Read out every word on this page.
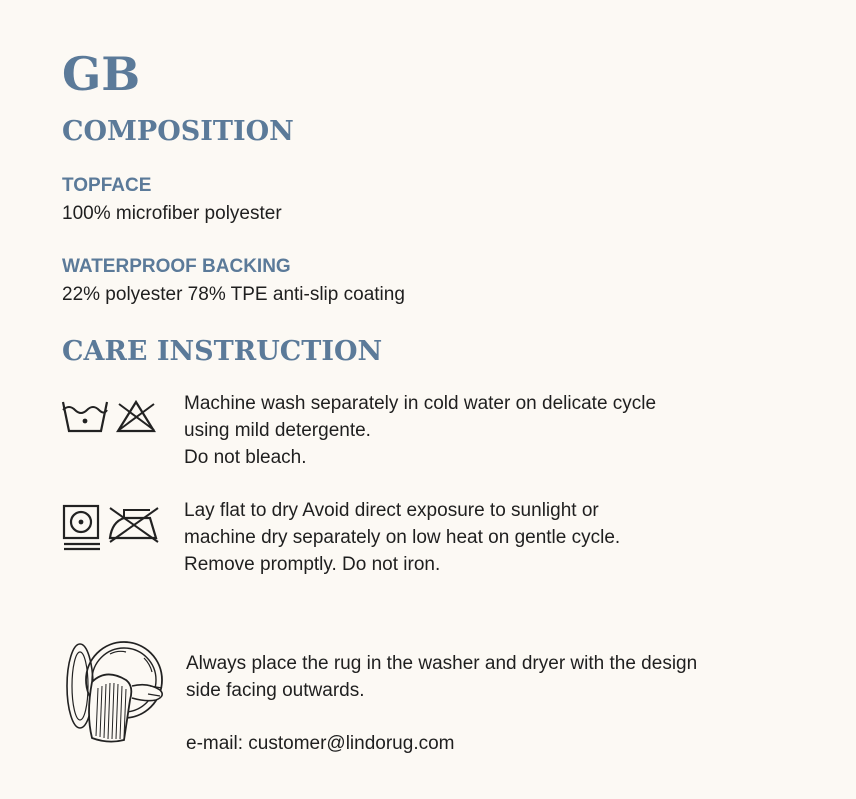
GB
COMPOSITION
TOPFACE
100% microfiber polyester
WATERPROOF BACKING
22% polyester 78% TPE anti-slip coating
CARE INSTRUCTION
Machine wash separately in cold water on delicate cycle
using mild detergente.
Do not bleach.
Lay flat to dry Avoid direct exposure to sunlight or
machine dry separately on low heat on gentle cycle.
Remove promptly. Do not iron.
Always place the rug in the washer and dryer with the design
side facing outwards.
e-mail: customer@lindorug.com
